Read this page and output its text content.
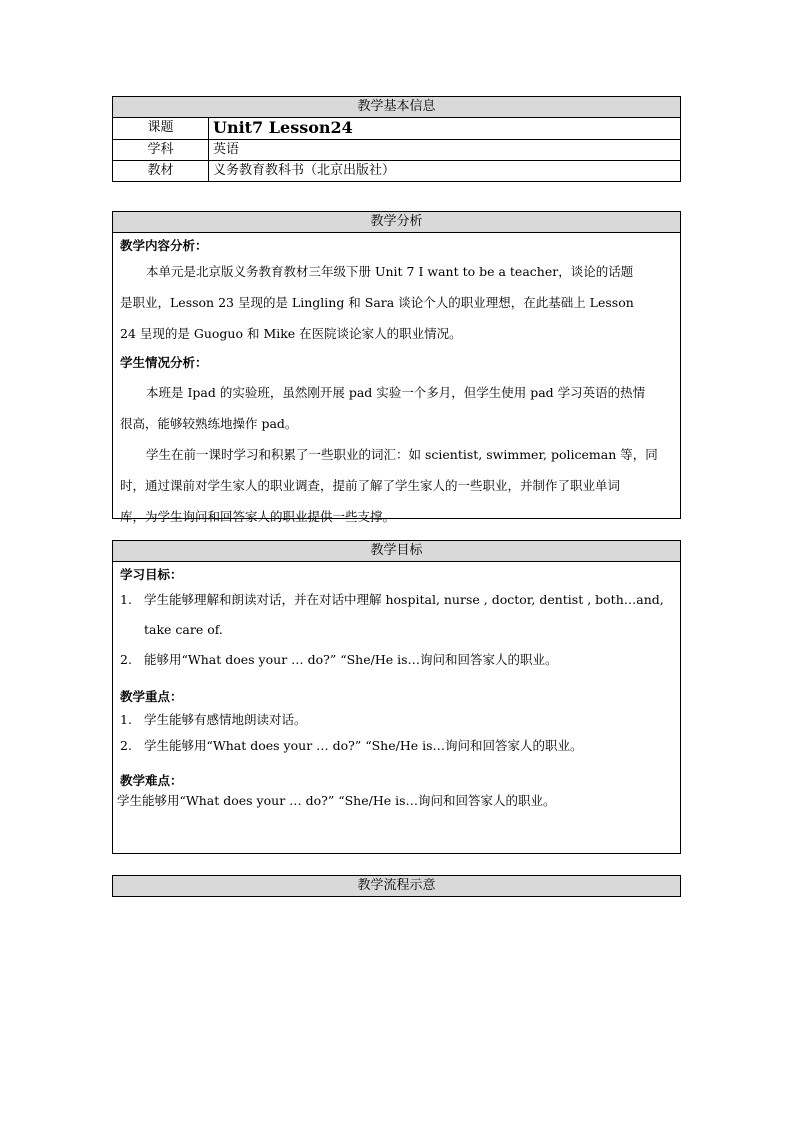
教学基本信息
课题	Unit7 Lesson24
学科	英语
教材	义务教育教科书（北京出版社）
教学分析
教学内容分析：

本单元是北京版义务教育教材三年级下册 Unit 7 I want to be a teacher，谈论的话题

是职业，Lesson 23 呈现的是 Lingling 和 Sara 谈论个人的职业理想，在此基础上 Lesson

24 呈现的是 Guoguo 和 Mike 在医院谈论家人的职业情况。

学生情况分析：

本班是 Ipad 的实验班，虽然刚开展 pad 实验一个多月，但学生使用 pad 学习英语的热情

很高，能够较熟练地操作 pad。

学生在前一课时学习和积累了一些职业的词汇：如 scientist, swimmer, policeman 等，同

时，通过课前对学生家人的职业调查，提前了解了学生家人的一些职业，并制作了职业单词

库，为学生询问和回答家人的职业提供一些支撑。

教学目标
学习目标：
1. 学生能够理解和朗读对话，并在对话中理解 hospital, nurse , doctor, dentist , both…and,
take care of.
2. 能够用“What does your … do?” “She/He is…询问和回答家人的职业。
教学重点：
1. 学生能够有感情地朗读对话。
2. 学生能够用“What does your … do?” “She/He is…询问和回答家人的职业。
教学难点：
学生能够用“What does your … do?” “She/He is…询问和回答家人的职业。
教学流程示意
